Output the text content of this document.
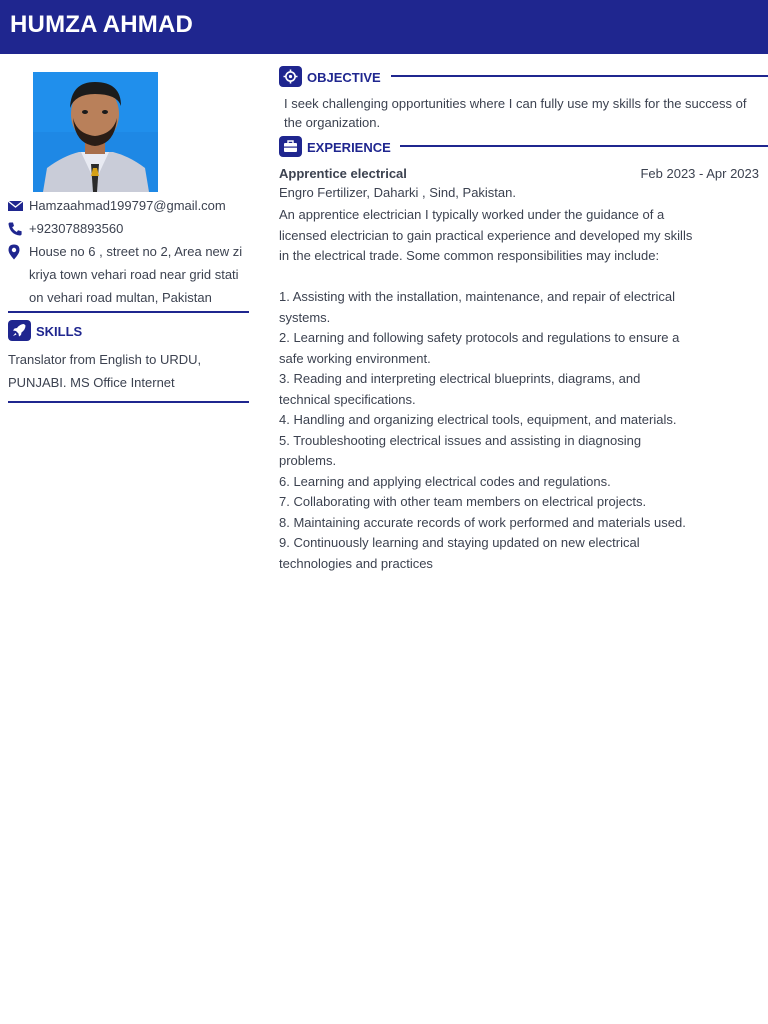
HUMZA AHMAD
Hamzaahmad199797@gmail.com
+923078893560
House no 6 , street no 2, Area new zi kriya town vehari road near grid stati on vehari road multan, Pakistan
SKILLS
Translator from English to URDU, PUNJABI. MS Office Internet
OBJECTIVE
I seek challenging opportunities where I can fully use my skills for the success of the organization.
EXPERIENCE
Apprentice electrical	Feb 2023 - Apr 2023
Engro Fertilizer, Daharki , Sind, Pakistan.

An apprentice electrician I typically worked under the guidance of a licensed electrician to gain practical experience and developed my skills in the electrical trade. Some common responsibilities may include:

1. Assisting with the installation, maintenance, and repair of electrical systems.

2. Learning and following safety protocols and regulations to ensure a safe working environment.

3. Reading and interpreting electrical blueprints, diagrams, and technical specifications.

4. Handling and organizing electrical tools, equipment, and materials.

5. Troubleshooting electrical issues and assisting in diagnosing problems.

6. Learning and applying electrical codes and regulations.

7. Collaborating with other team members on electrical projects.

8. Maintaining accurate records of work performed and materials used.

9. Continuously learning and staying updated on new electrical technologies and practices
